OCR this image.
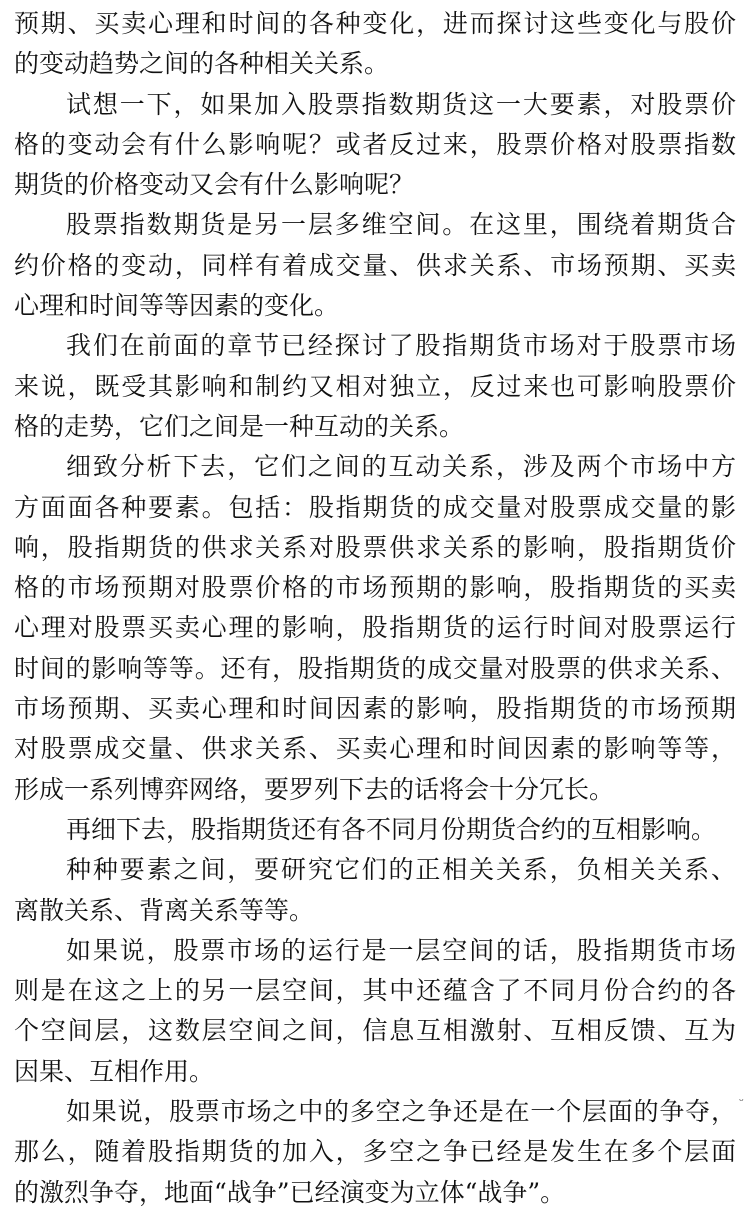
预期、买卖心理和时间的各种变化，进而探讨这些变化与股价
的变动趋势之间的各种相关关系。
试想一下，如果加入股票指数期货这一大要素，对股票价
格的变动会有什么影响呢？或者反过来，股票价格对股票指数
期货的价格变动又会有什么影响呢？
股票指数期货是另一层多维空间。在这里，围绕着期货合
约价格的变动，同样有着成交量、供求关系、市场预期、买卖
心理和时间等等因素的变化。
我们在前面的章节已经探讨了股指期货市场对于股票市场
来说，既受其影响和制约又相对独立，反过来也可影响股票价
格的走势，它们之间是一种互动的关系。
细致分析下去，它们之间的互动关系，涉及两个市场中方
方面面各种要素。包括：股指期货的成交量对股票成交量的影
响，股指期货的供求关系对股票供求关系的影响，股指期货价
格的市场预期对股票价格的市场预期的影响，股指期货的买卖
心理对股票买卖心理的影响，股指期货的运行时间对股票运行
时间的影响等等。还有，股指期货的成交量对股票的供求关系、
市场预期、买卖心理和时间因素的影响，股指期货的市场预期
对股票成交量、供求关系、买卖心理和时间因素的影响等等，
形成一系列博弈网络，要罗列下去的话将会十分冗长。
再细下去，股指期货还有各不同月份期货合约的互相影响。
种种要素之间，要研究它们的正相关关系，负相关关系、
离散关系、背离关系等等。
如果说，股票市场的运行是一层空间的话，股指期货市场
则是在这之上的另一层空间，其中还蕴含了不同月份合约的各
个空间层，这数层空间之间，信息互相激射、互相反馈、互为
因果、互相作用。
如果说，股票市场之中的多空之争还是在一个层面的争夺，
那么，随着股指期货的加入，多空之争已经是发生在多个层面
的激烈争夺，地面“战争”已经演变为立体“战争”。
ᵕ
